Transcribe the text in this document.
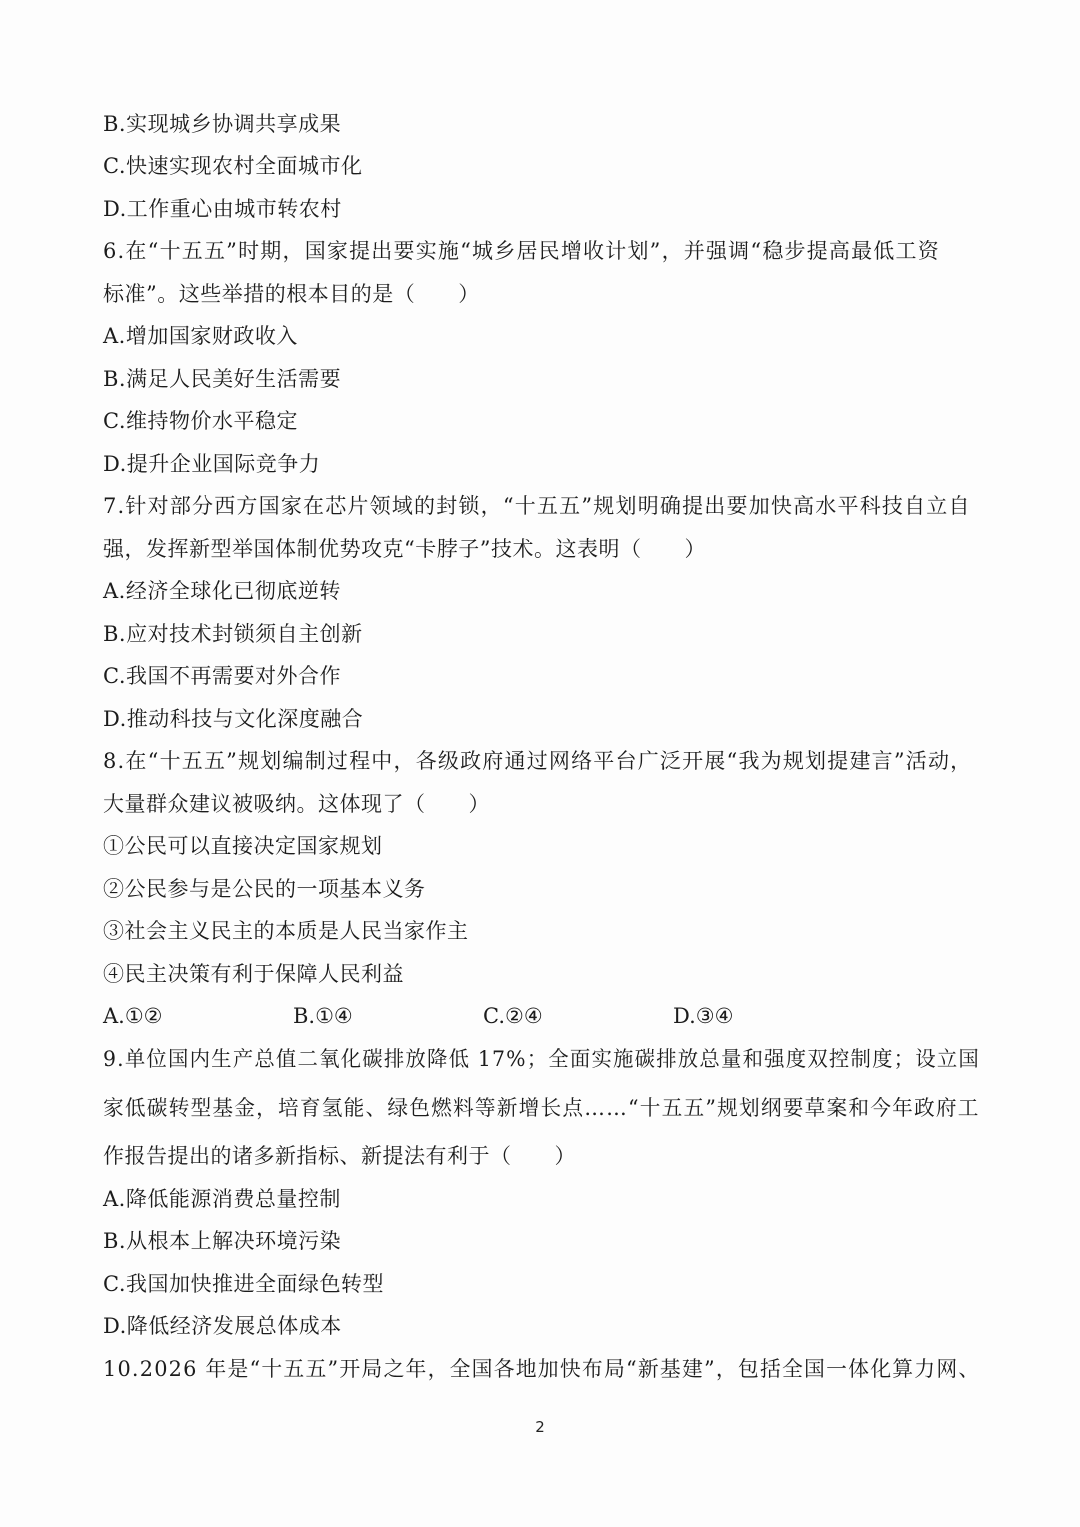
B.实现城乡协调共享成果
C.快速实现农村全面城市化
D.工作重心由城市转农村
6.在“十五五”时期，国家提出要实施“城乡居民增收计划”，并强调“稳步提高最低工资
标准”。这些举措的根本目的是（　　）
A.增加国家财政收入
B.满足人民美好生活需要
C.维持物价水平稳定
D.提升企业国际竞争力
7.针对部分西方国家在芯片领域的封锁，“十五五”规划明确提出要加快高水平科技自立自
强，发挥新型举国体制优势攻克“卡脖子”技术。这表明（　　）
A.经济全球化已彻底逆转
B.应对技术封锁须自主创新
C.我国不再需要对外合作
D.推动科技与文化深度融合
8.在“十五五”规划编制过程中，各级政府通过网络平台广泛开展“我为规划提建言”活动，
大量群众建议被吸纳。这体现了（　　）
①公民可以直接决定国家规划
②公民参与是公民的一项基本义务
③社会主义民主的本质是人民当家作主
④民主决策有利于保障人民利益
A.①②	B.①④	C.②④	D.③④
9.单位国内生产总值二氧化碳排放降低 17%；全面实施碳排放总量和强度双控制度；设立国
家低碳转型基金，培育氢能、绿色燃料等新增长点……“十五五”规划纲要草案和今年政府工
作报告提出的诸多新指标、新提法有利于（　　）
A.降低能源消费总量控制
B.从根本上解决环境污染
C.我国加快推进全面绿色转型
D.降低经济发展总体成本
10.2026 年是“十五五”开局之年，全国各地加快布局“新基建”，包括全国一体化算力网、
2
